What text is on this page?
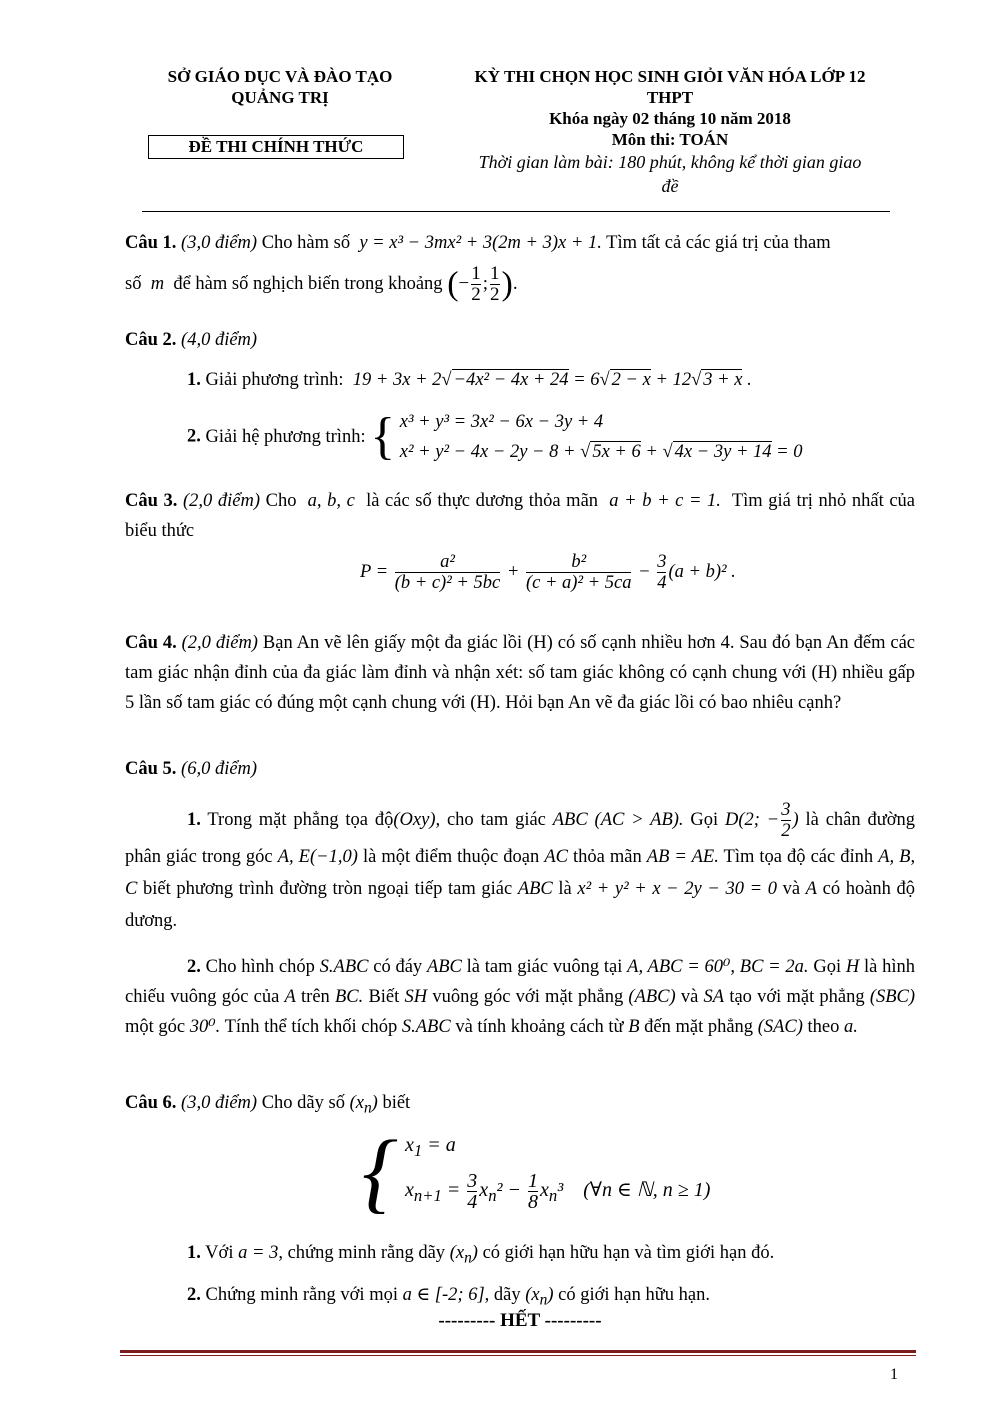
SỞ GIÁO DỤC VÀ ĐÀO TẠO
QUẢNG TRỊ
ĐỀ THI CHÍNH THỨC
KỲ THI CHỌN HỌC SINH GIỎI VĂN HÓA LỚP 12
THPT
Khóa ngày 02 tháng 10 năm 2018
Môn thi: TOÁN
Thời gian làm bài: 180 phút, không kể thời gian giao
đề
Câu 1. (3,0 điểm) Cho hàm số  y = x³ − 3mx² + 3(2m + 3)x + 1. Tìm tất cả các giá trị của tham
số  m  để hàm số nghịch biến trong khoảng (− $\frac{1}{2}$ ; $\frac{1}{2}$ ).
Câu 2. (4,0 điểm)
1. Giải phương trình:  19 + 3x + 2√ −4x² − 4x + 24 = 6√ 2 − x + 12√ 3 + x .
2. Giải hệ phương trình: { x³ + y³ = 3x² − 6x − 3y + 4
x² + y² − 4x − 2y − 8 + √ 5x + 6 + √ 4x − 3y + 14 = 0
Câu 3. (2,0 điểm) Cho  a, b, c  là các số thực dương thỏa mãn  a + b + c = 1.  Tìm giá trị nhỏ nhất của biểu thức
$P = \frac{\text{a²}}{\text{(b + c)² + 5bc}} + \frac{\text{b²}}{\text{(c + a)² + 5ca}} - \frac{3}{4} (a + b)^2$ .
Câu 4. (2,0 điểm) Bạn An vẽ lên giấy một đa giác lồi (H) có số cạnh nhiều hơn 4. Sau đó bạn An đếm các tam giác nhận đỉnh của đa giác làm đỉnh và nhận xét: số tam giác không có cạnh chung với (H) nhiều gấp 5 lần số tam giác có đúng một cạnh chung với (H). Hỏi bạn An vẽ đa giác lồi có bao nhiêu cạnh?
Câu 5. (6,0 điểm)
1. Trong mặt phẳng tọa độ(Oxy), cho tam giác ABC (AC > AB). Gọi D(2; − $\frac{3}{2}$ ) là chân đường phân giác trong góc A, E(−1,0) là một điểm thuộc đoạn AC thỏa mãn AB = AE. Tìm tọa độ các đỉnh A, B, C biết phương trình đường tròn ngoại tiếp tam giác ABC là x² + y² + x − 2y − 30 = 0 và A có hoành độ dương.
2. Cho hình chóp S.ABC có đáy ABC là tam giác vuông tại A, ABC = 60⁰, BC = 2a. Gọi H là hình chiếu vuông góc của A trên BC. Biết SH vuông góc với mặt phẳng (ABC) và SA tạo với mặt phẳng (SBC) một góc 30⁰. Tính thể tích khối chóp S.ABC và tính khoảng cách từ B đến mặt phẳng (SAC) theo a.
Câu 6. (3,0 điểm) Cho dãy số $(x_n)$ biết
{ $x_1 = a$
$x_{n+1} = \frac{3}{4} x_n^2 - \frac{1}{8} x_n^3$    (∀n ∈ ℕ, n ≥ 1)
1. Với a = 3, chứng minh rằng dãy $(x_n)$ có giới hạn hữu hạn và tìm giới hạn đó.
2. Chứng minh rằng với mọi a ∈ [-2; 6], dãy $(x_n)$ có giới hạn hữu hạn.
--------- HẾT ---------
1
